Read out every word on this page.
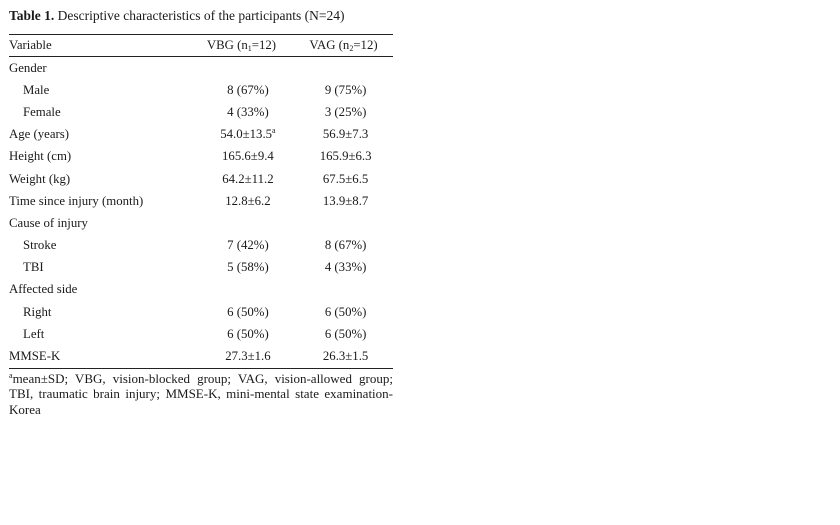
Table 1. Descriptive characteristics of the participants (N=24)
Variable	VBG $(n_1=12)$	VAG $(n_2=12)$
Gender		
Male	8 (67%)	9 (75%)
Female	4 (33%)	3 (25%)
Age (years)	54.0±13.5$^a$	56.9±7.3
Height (cm)	165.6±9.4	165.9±6.3
Weight (kg)	64.2±11.2	67.5±6.5
Time since injury (month)	12.8±6.2	13.9±8.7
Cause of injury		
Stroke	7 (42%)	8 (67%)
TBI	5 (58%)	4 (33%)
Affected side		
Right	6 (50%)	6 (50%)
Left	6 (50%)	6 (50%)
MMSE-K	27.3±1.6	26.3±1.5
$^a$mean±SD; VBG, vision-blocked group; VAG, vision-allowed group; TBI, traumatic brain injury; MMSE-K, mini-mental state examination-Korea
